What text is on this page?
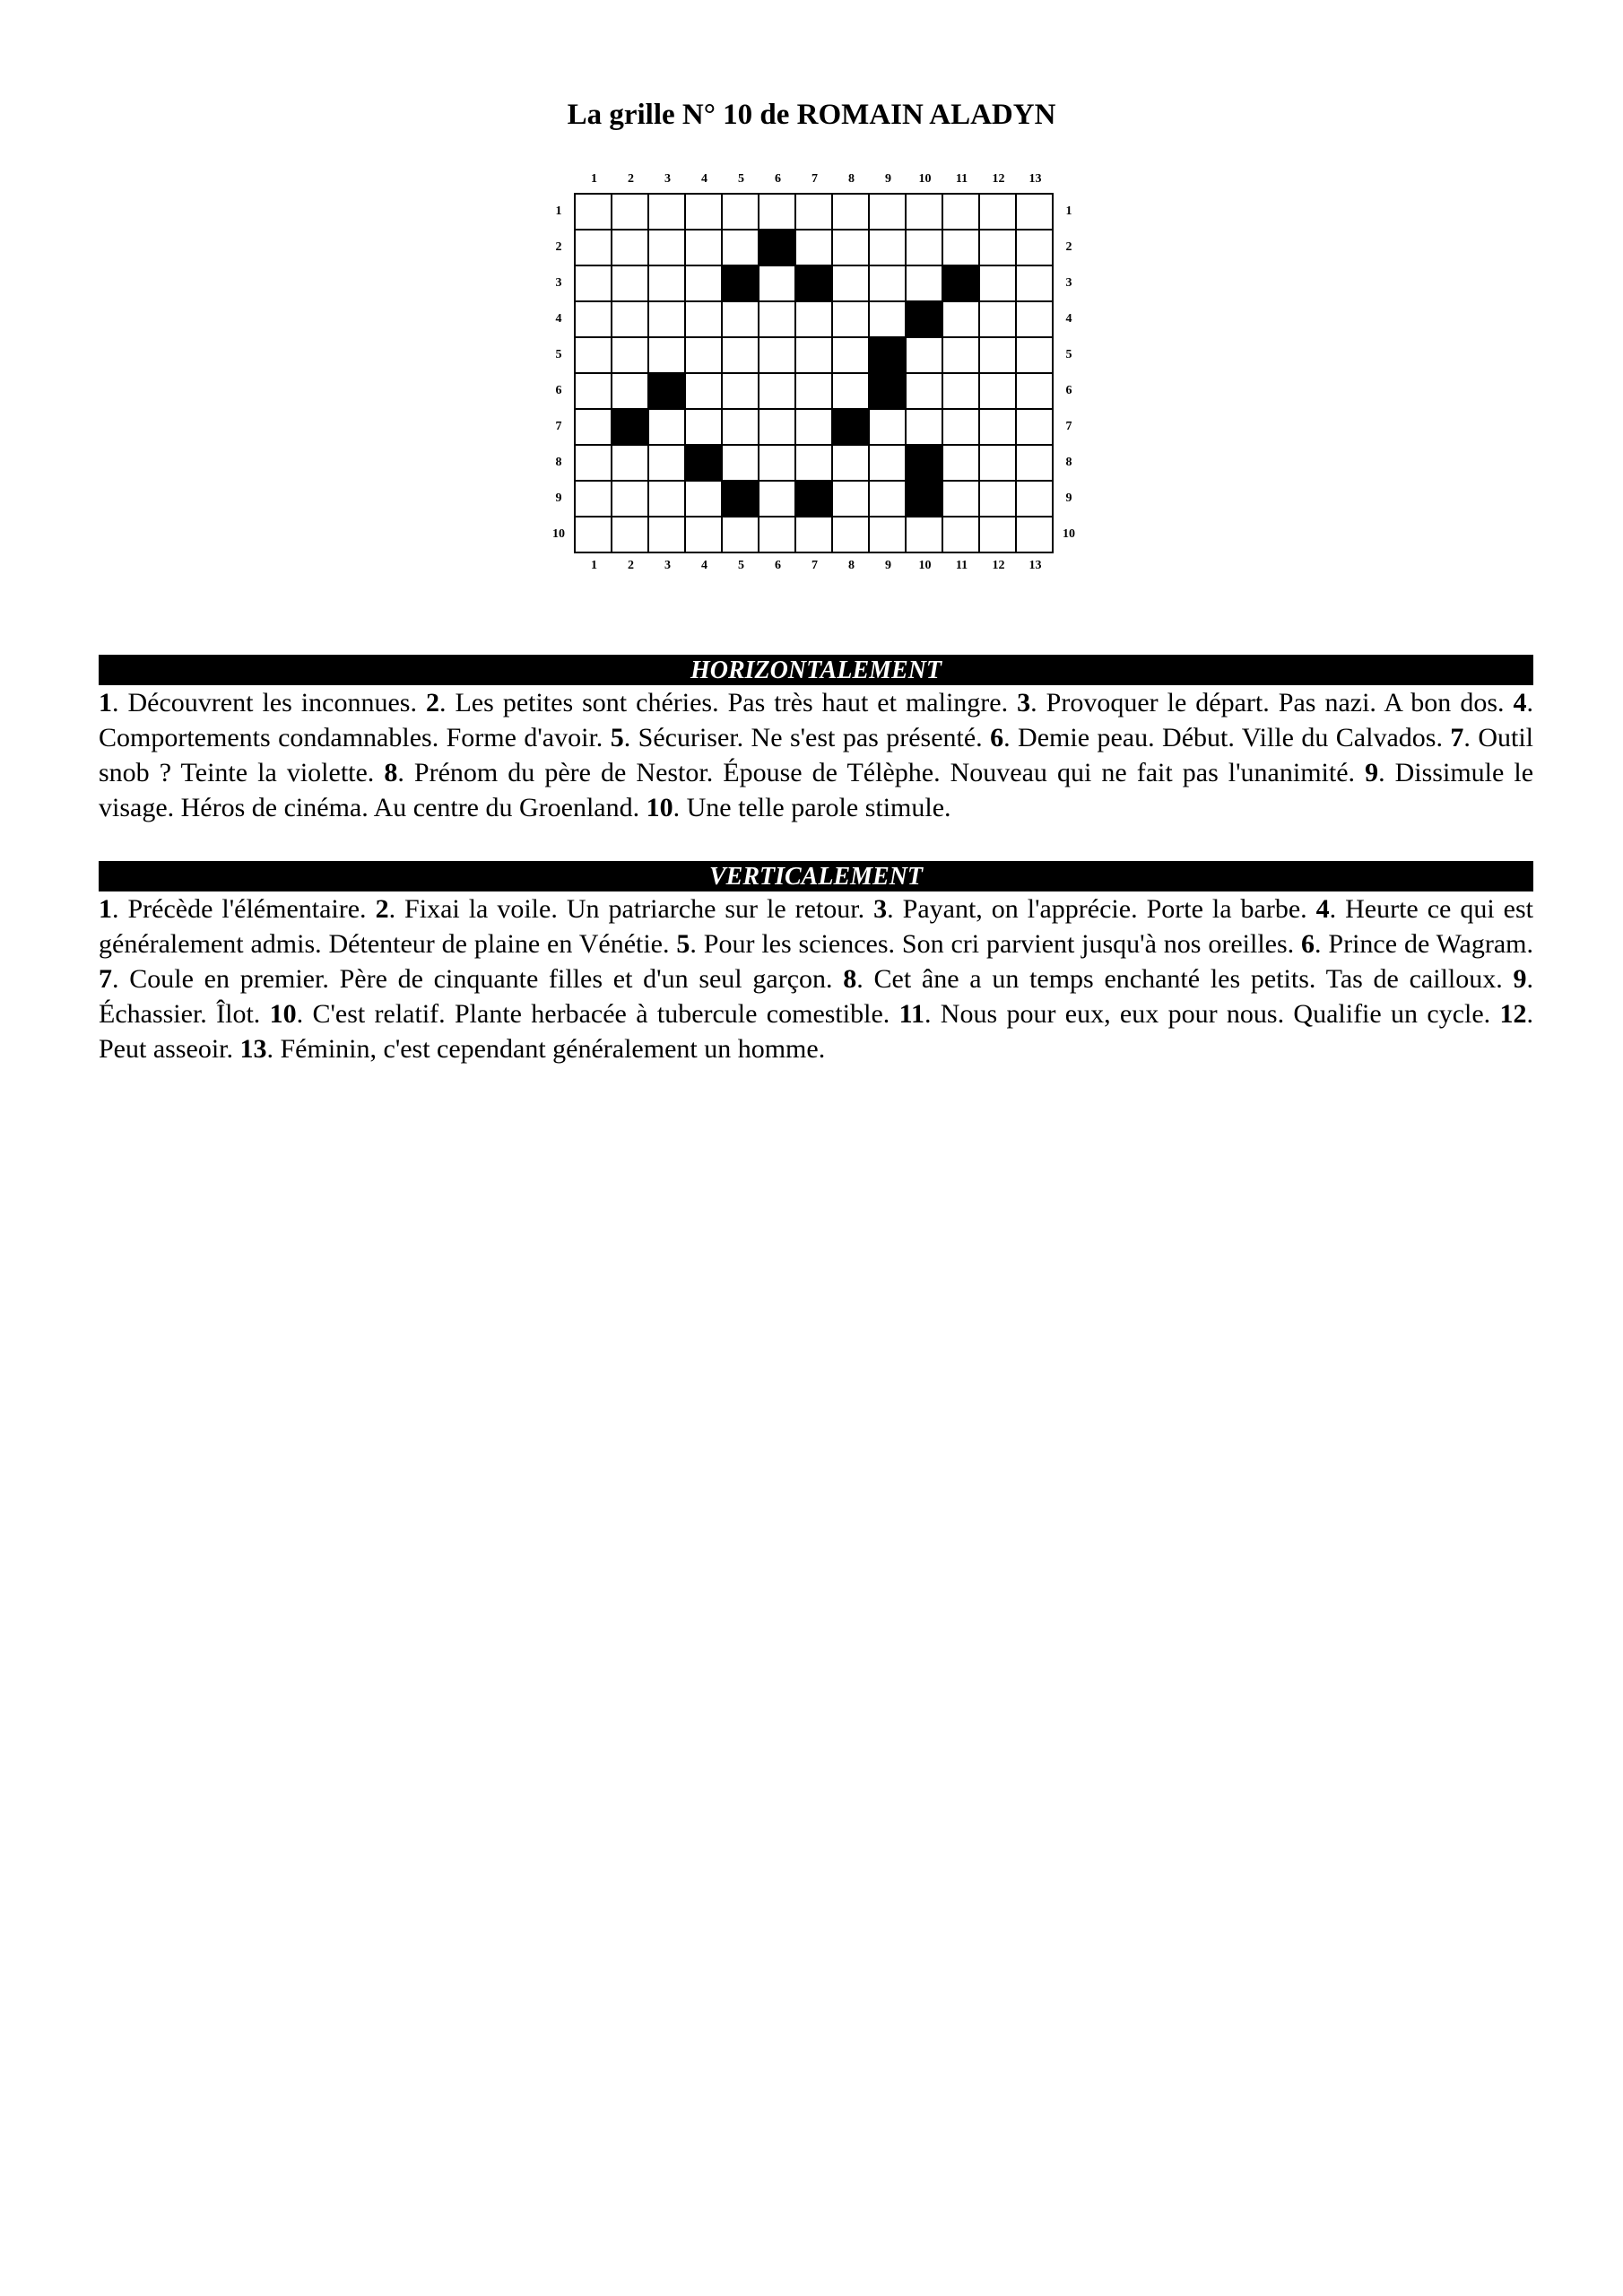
La grille N° 10 de ROMAIN ALADYN
1
1
2
2
3
3
4
4
5
5
6
6
7
7
8
8
9
9
10
10
11
11
12
12
13
13
1	1
2	2
3	3
4	4
5	5
6	6
7	7
8	8
9	9
10	10
HORIZONTALEMENT

1. Découvrent les inconnues. 2. Les petites sont chéries. Pas très haut et malingre. 3. Provoquer le départ. Pas nazi. A bon dos. 4. Comportements condamnables. Forme d'avoir. 5. Sécuriser. Ne s'est pas présenté. 6. Demie peau. Début. Ville du Calvados. 7. Outil snob ? Teinte la violette. 8. Prénom du père de Nestor. Épouse de Télèphe. Nouveau qui ne fait pas l'unanimité. 9. Dissimule le visage. Héros de cinéma. Au centre du Groenland. 10. Une telle parole stimule.

VERTICALEMENT

1. Précède l'élémentaire. 2. Fixai la voile. Un patriarche sur le retour. 3. Payant, on l'apprécie. Porte la barbe. 4. Heurte ce qui est généralement admis. Détenteur de plaine en Vénétie. 5. Pour les sciences. Son cri parvient jusqu'à nos oreilles. 6. Prince de Wagram. 7. Coule en premier. Père de cinquante filles et d'un seul garçon. 8. Cet âne a un temps enchanté les petits. Tas de cailloux. 9. Échassier. Îlot. 10. C'est relatif. Plante herbacée à tubercule comestible. 11. Nous pour eux, eux pour nous. Qualifie un cycle. 12. Peut asseoir. 13. Féminin, c'est cependant généralement un homme.
